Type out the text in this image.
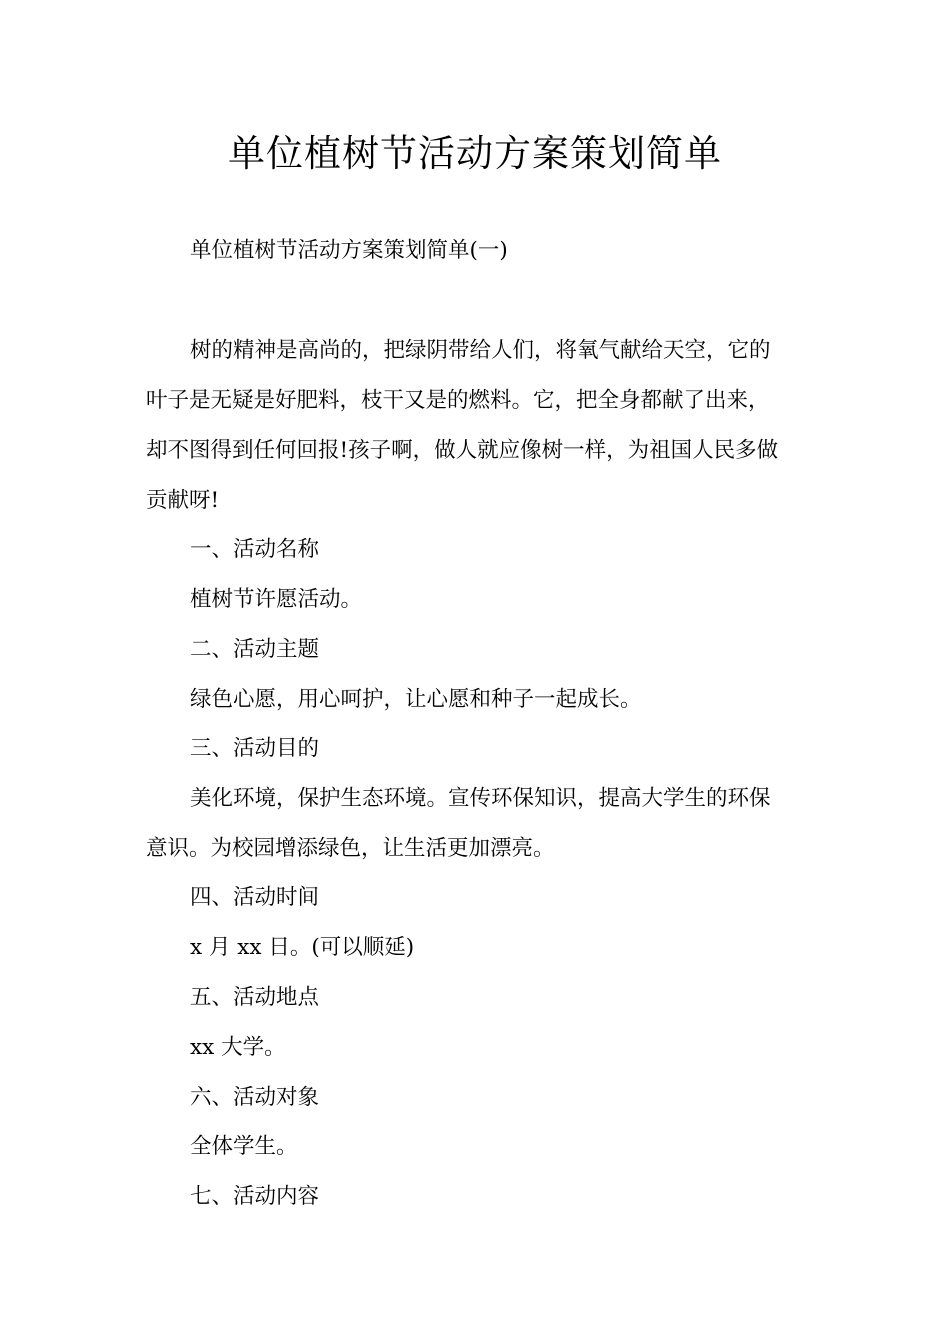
单位植树节活动方案策划简单

单位植树节活动方案策划简单(一)

树的精神是高尚的，把绿阴带给人们，将氧气献给天空，它的

叶子是无疑是好肥料，枝干又是的燃料。它，把全身都献了出来，

却不图得到任何回报!孩子啊，做人就应像树一样，为祖国人民多做

贡献呀!

一、活动名称

植树节许愿活动。

二、活动主题

绿色心愿，用心呵护，让心愿和种子一起成长。

三、活动目的

美化环境，保护生态环境。宣传环保知识，提高大学生的环保

意识。为校园增添绿色，让生活更加漂亮。

四、活动时间

x 月 xx 日。(可以顺延)

五、活动地点

xx 大学。

六、活动对象

全体学生。

七、活动内容
